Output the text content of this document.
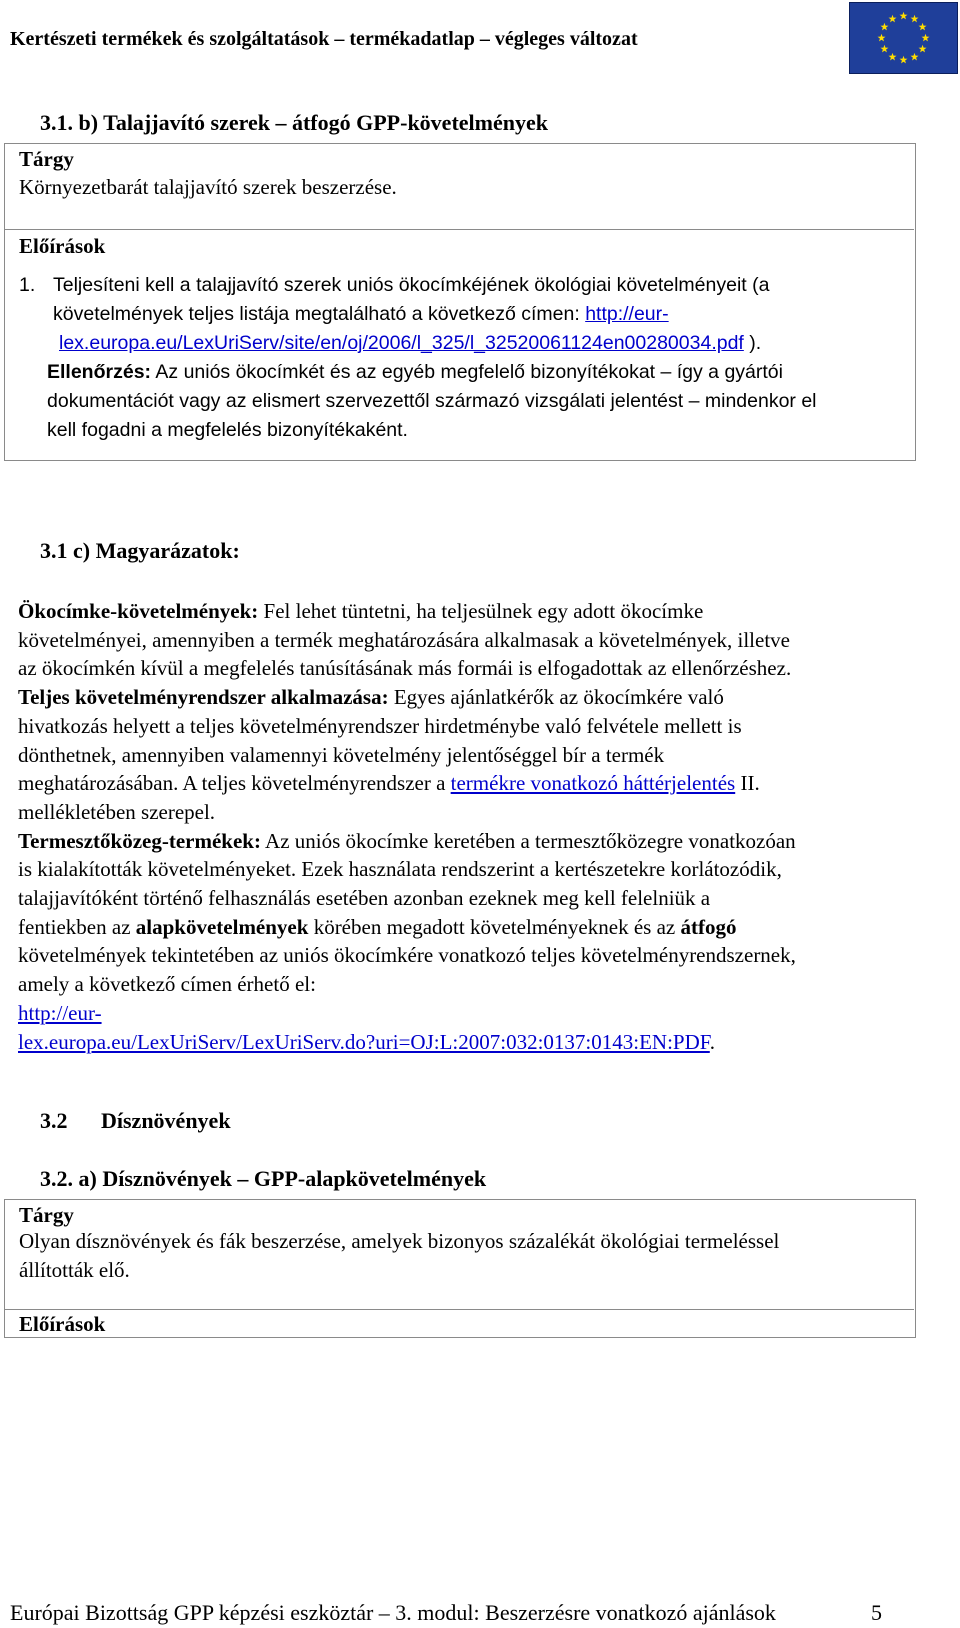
Kertészeti termékek és szolgáltatások – termékadatlap – végleges változat
3.1. b) Talajjavító szerek – átfogó GPP-követelmények
Tárgy
Környezetbarát talajjavító szerek beszerzése.
Előírások
1. Teljesíteni kell a talajjavító szerek uniós ökocímkéjének ökológiai követelményeit (a
követelmények teljes listája megtalálható a következő címen: http://eur-
lex.europa.eu/LexUriServ/site/en/oj/2006/l_325/l_32520061124en00280034.pdf ).
Ellenőrzés: Az uniós ökocímkét és az egyéb megfelelő bizonyítékokat – így a gyártói
dokumentációt vagy az elismert szervezettől származó vizsgálati jelentést – mindenkor el
kell fogadni a megfelelés bizonyítékaként.
3.1 c) Magyarázatok:
Ökocímke-követelmények: Fel lehet tüntetni, ha teljesülnek egy adott ökocímke
követelményei, amennyiben a termék meghatározására alkalmasak a követelmények, illetve
az ökocímkén kívül a megfelelés tanúsításának más formái is elfogadottak az ellenőrzéshez.
Teljes követelményrendszer alkalmazása: Egyes ajánlatkérők az ökocímkére való
hivatkozás helyett a teljes követelményrendszer hirdetménybe való felvétele mellett is
dönthetnek, amennyiben valamennyi követelmény jelentőséggel bír a termék
meghatározásában. A teljes követelményrendszer a termékre vonatkozó háttérjelentés II.
mellékletében szerepel.
Termesztőközeg-termékek: Az uniós ökocímke keretében a termesztőközegre vonatkozóan
is kialakították követelményeket. Ezek használata rendszerint a kertészetekre korlátozódik,
talajjavítóként történő felhasználás esetében azonban ezeknek meg kell felelniük a
fentiekben az alapkövetelmények körében megadott követelményeknek és az átfogó
követelmények tekintetében az uniós ökocímkére vonatkozó teljes követelményrendszernek,
amely a következő címen érhető el:
http://eur-
lex.europa.eu/LexUriServ/LexUriServ.do?uri=OJ:L:2007:032:0137:0143:EN:PDF.
3.2 Dísznövények
3.2. a) Dísznövények – GPP-alapkövetelmények
Tárgy
Olyan dísznövények és fák beszerzése, amelyek bizonyos százalékát ökológiai termeléssel
állították elő.
Előírások
Európai Bizottság GPP képzési eszköztár – 3. modul: Beszerzésre vonatkozó ajánlások	5
